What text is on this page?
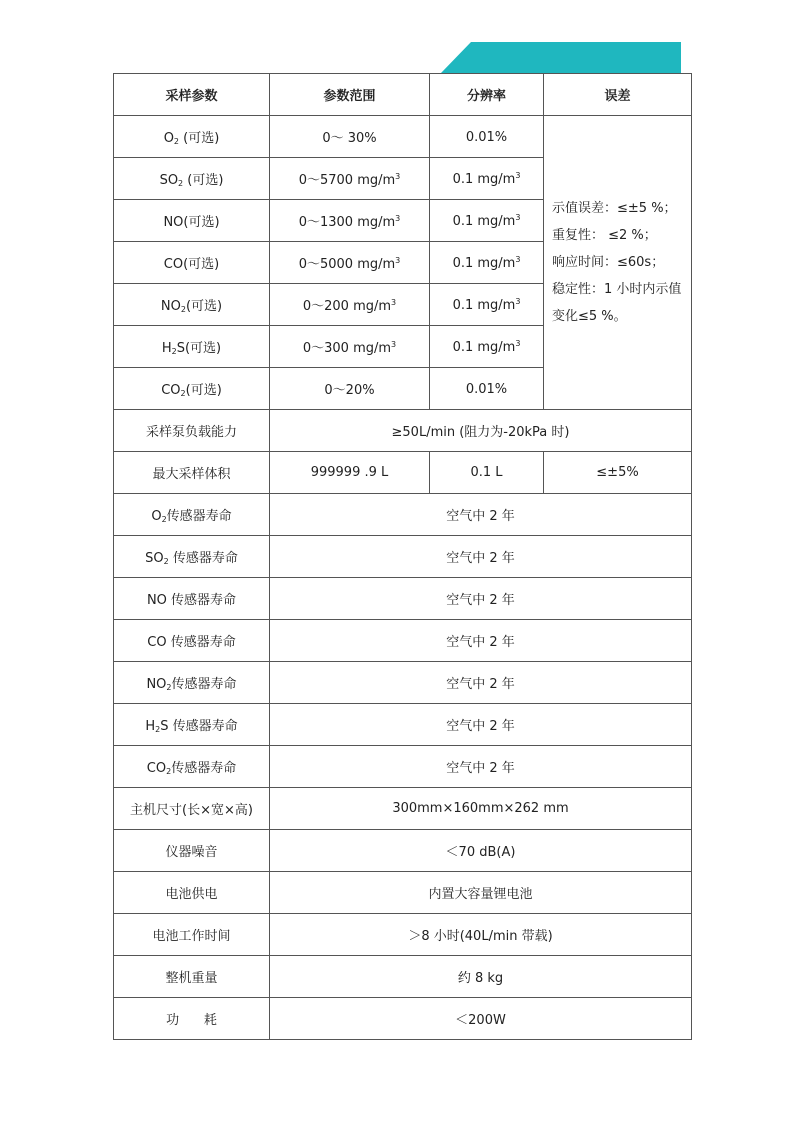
采样参数	参数范围	分辨率	误差
$O_2$ (可选)	0～ 30%	0.01%	示值误差：≤±5 %；
重复性： ≤2 %；
响应时间：≤60s；
稳定性：1 小时内示值
变化≤5 %。

$SO_2$ (可选)	0～5700 $mg/m^3$	0.1 $mg/m^3$
NO(可选)	0～1300 $mg/m^3$	0.1 $mg/m^3$
CO(可选)	0～5000 $mg/m^3$	0.1 $mg/m^3$
$NO_2$(可选)	0～200 $mg/m^3$	0.1 $mg/m^3$
$H_2S$(可选)	0～300 $mg/m^3$	0.1 $mg/m^3$
$CO_2$(可选)	0～20%	0.01%	
采样泵负载能力	≥50L/min (阻力为-20kPa 时)		
最大采样体积	999999 .9 L	0.1 L	≤±5%
$O_2$传感器寿命	空气中 2 年		
$SO_2$ 传感器寿命	空气中 2 年		
NO 传感器寿命	空气中 2 年		
CO 传感器寿命	空气中 2 年		
$NO_2$传感器寿命	空气中 2 年		
$H_2S$ 传感器寿命	空气中 2 年		
$CO_2$传感器寿命	空气中 2 年		
主机尺寸(长×宽×高)	300mm×160mm×262 mm		
仪器噪音	＜70 dB(A)		
电池供电	内置大容量锂电池		
电池工作时间	＞8 小时(40L/min 带载)		
整机重量	约 8 kg		
功      耗	＜200W		
